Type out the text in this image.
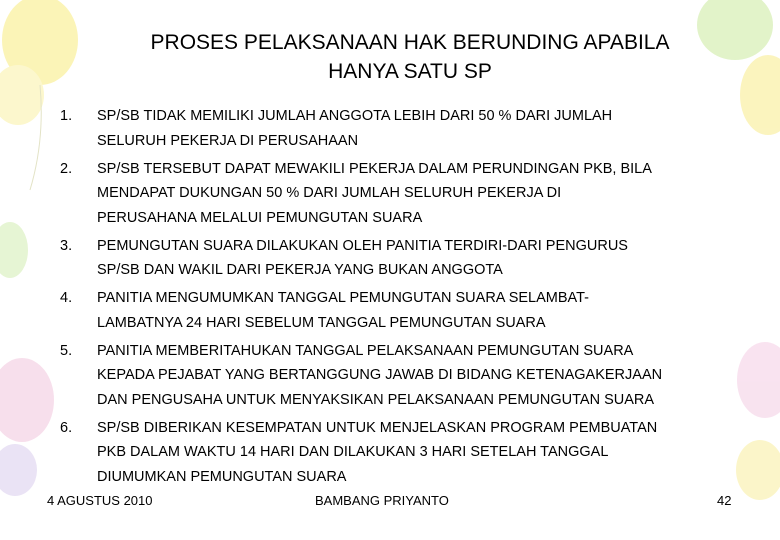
PROSES PELAKSANAAN HAK BERUNDING APABILA
HANYA SATU SP
1.	SP/SB TIDAK MEMILIKI JUMLAH ANGGOTA LEBIH DARI 50 % DARI JUMLAH
SELURUH PEKERJA DI PERUSAHAAN
2.	SP/SB TERSEBUT DAPAT MEWAKILI PEKERJA DALAM PERUNDINGAN PKB, BILA
MENDAPAT DUKUNGAN 50 % DARI JUMLAH SELURUH PEKERJA DI
PERUSAHANA MELALUI PEMUNGUTAN SUARA
3.	PEMUNGUTAN SUARA DILAKUKAN OLEH PANITIA TERDIRI-DARI PENGURUS
SP/SB DAN WAKIL DARI PEKERJA YANG BUKAN ANGGOTA
4.	PANITIA MENGUMUMKAN TANGGAL PEMUNGUTAN SUARA SELAMBAT-
LAMBATNYA 24 HARI SEBELUM TANGGAL PEMUNGUTAN SUARA
5.	PANITIA MEMBERITAHUKAN TANGGAL PELAKSANAAN PEMUNGUTAN SUARA
KEPADA PEJABAT YANG BERTANGGUNG JAWAB DI BIDANG KETENAGAKERJAAN
DAN PENGUSAHA UNTUK MENYAKSIKAN PELAKSANAAN PEMUNGUTAN SUARA
6.	SP/SB DIBERIKAN KESEMPATAN UNTUK MENJELASKAN PROGRAM PEMBUATAN
PKB DALAM WAKTU 14 HARI DAN DILAKUKAN 3 HARI SETELAH TANGGAL
DIUMUMKAN PEMUNGUTAN SUARA
4 AGUSTUS 2010	BAMBANG PRIYANTO	42
